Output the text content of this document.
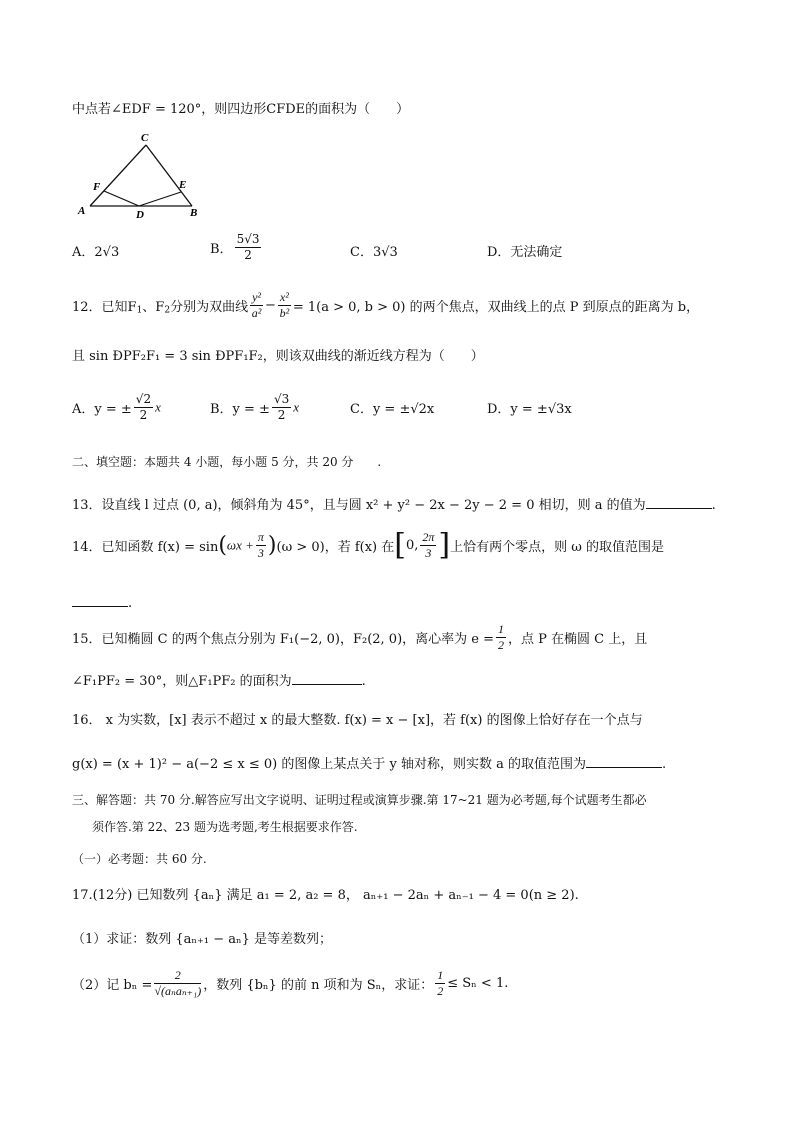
中点若∠EDF = 120°，则四边形CFDE的面积为（　　）
C
E
F
A	D	B
A．2√3	B． $\frac{5√3}{2}$	C．3√3	D．无法确定
12．已知$F_1$、$F_2$分别为双曲线 $\frac{\text{y²}}{\text{a²}} - \frac{\text{x²}}{\text{b²}} = 1(a > 0$, b > 0) 的两个焦点，双曲线上的点 P 到原点的距离为 b，
且 sin ÐPF₂F₁ = 3 sin ÐPF₁F₂，则该双曲线的渐近线方程为（　　）
A．y = ± $\frac{√2}{2}$ x	B．y = ± $\frac{√3}{2}$ x	C．y = ±√2x	D．y = ±√3x
二、填空题：本题共 4 小题，每小题 5 分，共 20 分　　.
13．设直线 l 过点 (0, a)，倾斜角为 45°，且与圆 x² + y² − 2x − 2y − 2 = 0 相切，则 a 的值为	.
14．已知函数 $f(x) = \sin(\omega x + \frac{\pi}{3} )(\omega > 0)$，若 f(x) 在[0, $\frac{2\pi}{3}$ ]上恰有两个零点，则 ω 的取值范围是
.
15．已知椭圆 C 的两个焦点分别为 F₁(−2, 0)，F₂(2, 0)，离心率为 $e = \frac{1}{2}$ ，点 P 在椭圆 C 上，且
∠F₁PF₂ = 30°，则△F₁PF₂ 的面积为	.
16． x 为实数，[x] 表示不超过 x 的最大整数. f(x) = x − [x]，若 f(x) 的图像上恰好存在一个点与
g(x) = (x + 1)² − a(−2 ≤ x ≤ 0) 的图像上某点关于 y 轴对称，则实数 a 的取值范围为	.
三、解答题：共 70 分.解答应写出文字说明、证明过程或演算步骤.第 17~21 题为必考题,每个试题考生都必
须作答.第 22、23 题为选考题,考生根据要求作答.
（一）必考题：共 60 分.
17.(12分) 已知数列 {aₙ} 满足 a₁ = 2, a₂ = 8， aₙ₊₁ − 2aₙ + aₙ₋₁ − 4 = 0(n ≥ 2).
（1）求证：数列 {aₙ₊₁ − aₙ} 是等差数列；
（2）记 $b_n = \frac{2}{\text{√(aₙaₙ₊₁)}}$ ，数列 {bₙ} 的前 n 项和为 Sₙ，求证： $\frac{1}{2} \le S_n < 1$.
